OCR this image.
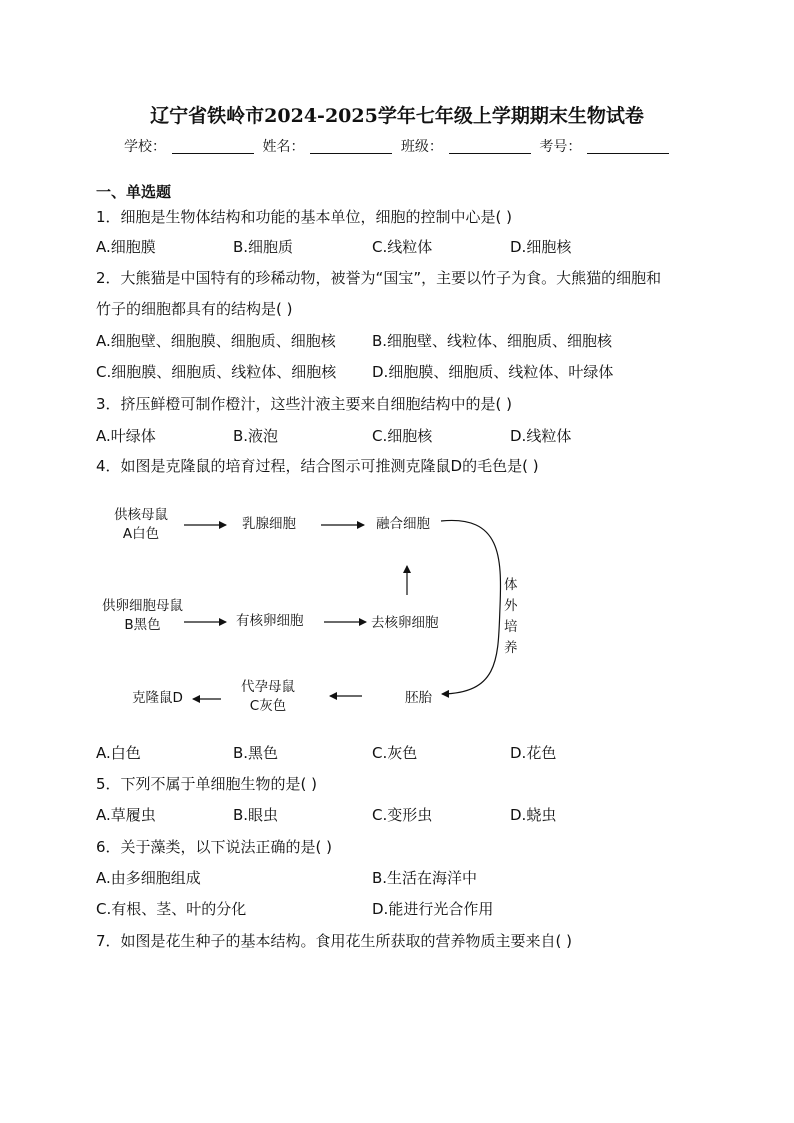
辽宁省铁岭市2024-2025学年七年级上学期期末生物试卷
学校：	姓名：	班级：	考号：
一、单选题
1．细胞是生物体结构和功能的基本单位，细胞的控制中心是( )
A.细胞膜	B.细胞质	C.线粒体	D.细胞核
2．大熊猫是中国特有的珍稀动物，被誉为“国宝”，主要以竹子为食。大熊猫的细胞和
竹子的细胞都具有的结构是( )
A.细胞壁、细胞膜、细胞质、细胞核 B.细胞壁、线粒体、细胞质、细胞核
C.细胞膜、细胞质、线粒体、细胞核 D.细胞膜、细胞质、线粒体、叶绿体
3．挤压鲜橙可制作橙汁，这些汁液主要来自细胞结构中的是( )
A.叶绿体	B.液泡	C.细胞核	D.线粒体
4．如图是克隆鼠的培育过程，结合图示可推测克隆鼠D的毛色是( )
供核母鼠
A白色
乳腺细胞	融合细胞
供卵细胞母鼠
B黑色	有核卵细胞	去核卵细胞
体
外
培
养
胚胎
代孕母鼠
C灰色
克隆鼠D
A.白色	B.黑色	C.灰色	D.花色
5．下列不属于单细胞生物的是( )
A.草履虫	B.眼虫	C.变形虫	D.蛲虫
6．关于藻类，以下说法正确的是( )
A.由多细胞组成	B.生活在海洋中
C.有根、茎、叶的分化	D.能进行光合作用
7．如图是花生种子的基本结构。食用花生所获取的营养物质主要来自( )
